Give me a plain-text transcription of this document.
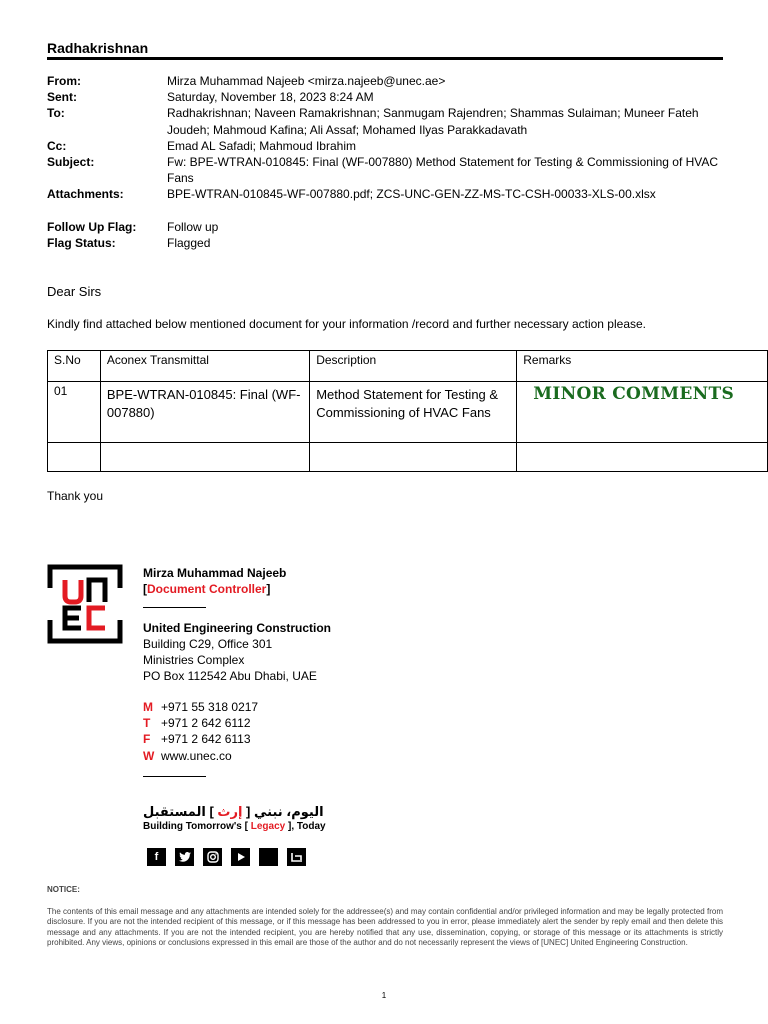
Radhakrishnan
From:	Mirza Muhammad Najeeb <mirza.najeeb@unec.ae>
Sent:	Saturday, November 18, 2023 8:24 AM
To:	Radhakrishnan; Naveen Ramakrishnan; Sanmugam Rajendren; Shammas Sulaiman; Muneer Fateh Joudeh; Mahmoud Kafina; Ali Assaf; Mohamed Ilyas Parakkadavath
Cc:	Emad AL Safadi; Mahmoud Ibrahim
Subject:	Fw: BPE-WTRAN-010845: Final (WF-007880) Method Statement for Testing & Commissioning of HVAC Fans
Attachments:	BPE-WTRAN-010845-WF-007880.pdf; ZCS-UNC-GEN-ZZ-MS-TC-CSH-00033-XLS-00.xlsx
Follow Up Flag:	Follow up
Flag Status:	Flagged
Dear Sirs
Kindly find attached below mentioned document for your information /record and further necessary action please.
S.No	Aconex Transmittal	Description	Remarks
01	BPE-WTRAN-010845: Final (WF-007880)	Method Statement for Testing & Commissioning of HVAC Fans	MINOR COMMENTS

Thank you
Mirza Muhammad Najeeb
[Document Controller]
United Engineering Construction
Building C29, Office 301
Ministries Complex
PO Box 112542 Abu Dhabi, UAE
M +971 55 318 0217
T +971 2 642 6112
F +971 2 642 6113
W www.unec.co
اليوم، نبني [ إرث ] المستقبل
Building Tomorrow's [ Legacy ], Today
f
NOTICE:
The contents of this email message and any attachments are intended solely for the addressee(s) and may contain confidential and/or privileged information and may be legally protected from disclosure. If you are not the intended recipient of this message, or if this message has been addressed to you in error, please immediately alert the sender by reply email and then delete this message and any attachments. If you are not the intended recipient, you are hereby notified that any use, dissemination, copying, or storage of this message or its attachments is strictly prohibited. Any views, opinions or conclusions expressed in this email are those of the author and do not necessarily represent the views of [UNEC] United Engineering Construction.
1
